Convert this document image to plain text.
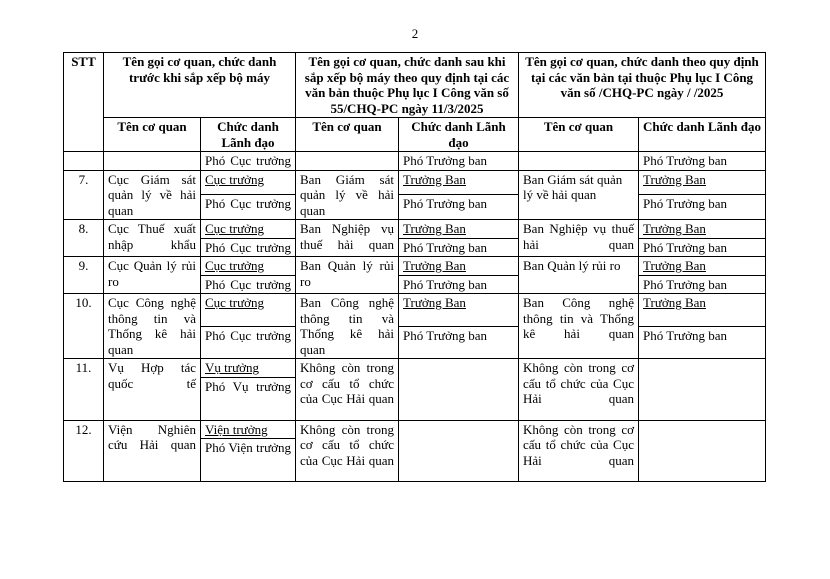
2
STT	Tên gọi cơ quan, chức danh trước khi sắp xếp bộ máy		Tên gọi cơ quan, chức danh sau khi sắp xếp bộ máy theo quy định tại các văn bản thuộc Phụ lục I Công văn số 55/CHQ-PC ngày 11/3/2025		Tên gọi cơ quan, chức danh theo quy định tại các văn bản tại thuộc Phụ lục I Công văn số /CHQ-PC ngày / /2025	
	Tên cơ quan	Chức danh Lãnh đạo	Tên cơ quan	Chức danh Lãnh đạo	Tên cơ quan	Chức danh Lãnh đạo
		Phó Cục trưởng		Phó Trưởng ban		Phó Trưởng ban
7.	Cục Giám sát quản lý về hải quan	Cục trưởng	Ban Giám sát quản lý về hải quan	Trưởng Ban	Ban Giám sát quản lý về hải quan	Trưởng Ban
		Phó Cục trưởng		Phó Trưởng ban		Phó Trưởng ban
8.	Cục Thuế xuất nhập khẩu	Cục trưởng	Ban Nghiệp vụ thuế hải quan	Trưởng Ban	Ban Nghiệp vụ thuế hải quan	Trưởng Ban
		Phó Cục trưởng		Phó Trưởng ban		Phó Trưởng ban
9.	Cục Quản lý rủi ro	Cục trưởng	Ban Quản lý rủi ro	Trưởng Ban	Ban Quản lý rủi ro	Trưởng Ban
		Phó Cục trưởng		Phó Trưởng ban		Phó Trưởng ban
10.	Cục Công nghệ thông tin và Thống kê hải quan	Cục trưởng	Ban Công nghệ thông tin và Thống kê hải quan	Trưởng Ban	Ban Công nghệ thông tin và Thống kê hải quan	Trưởng Ban
		Phó Cục trưởng		Phó Trưởng ban		Phó Trưởng ban
11.	Vụ Hợp tác quốc tế	Vụ trưởng	Không còn trong cơ cấu tổ chức của Cục Hải quan		Không còn trong cơ cấu tổ chức của Cục Hải quan	
		Phó Vụ trưởng				
12.	Viện Nghiên cứu Hải quan	Viện trưởng	Không còn trong cơ cấu tổ chức của Cục Hải quan		Không còn trong cơ cấu tổ chức của Cục Hải quan	
		Phó Viện trưởng				
